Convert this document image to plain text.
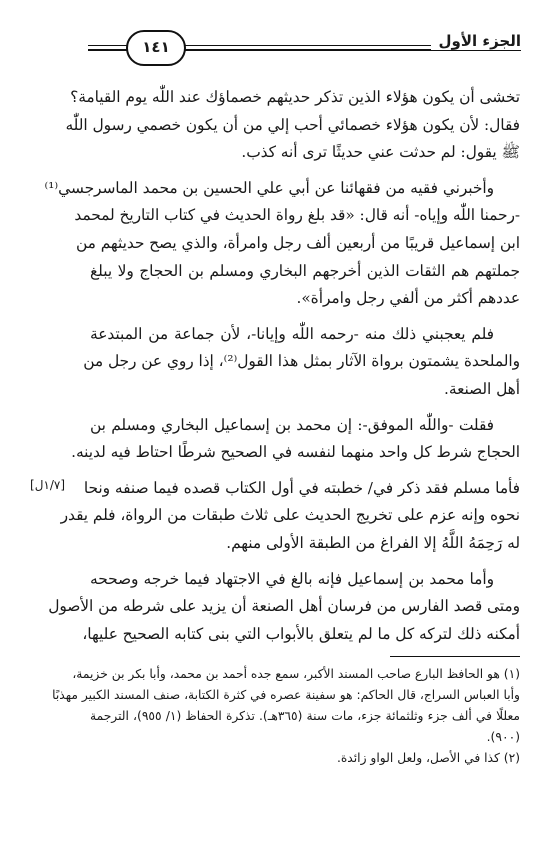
١٤١	الجزء الأول
[١/٧ل]
تخشى أن يكون هؤلاء الذين تذكر حديثهم خصماؤك عند اللّٰه يوم القيامة؟
فقال: لأن يكون هؤلاء خصمائي أحب إلي من أن يكون خصمي رسول اللّٰه
ﷺ يقول: لم حدثت عني حديثًا ترى أنه كذب.
وأخبرني فقيه من فقهائنا عن أبي علي الحسين بن محمد الماسرجسي⁽¹⁾
-رحمنا اللّٰه وإياه- أنه قال: «قد بلغ رواة الحديث في كتاب التاريخ لمحمد
ابن إسماعيل قريبًا من أربعين ألف رجل وامرأة، والذي يصح حديثهم من
جملتهم هم الثقات الذين أخرجهم البخاري ومسلم بن الحجاج ولا يبلغ
عددهم أكثر من ألفي رجل وامرأة».
فلم يعجبني ذلك منه -رحمه اللّٰه وإيانا-، لأن جماعة من المبتدعة
والملحدة يشمتون برواة الآثار بمثل هذا القول⁽²⁾، إذا روي عن رجل من
أهل الصنعة.
فقلت -واللّٰه الموفق-: إن محمد بن إسماعيل البخاري ومسلم بن
الحجاج شرط كل واحد منهما لنفسه في الصحيح شرطًا احتاط فيه لدينه.
فأما مسلم فقد ذكر في/ خطبته في أول الكتاب قصده فيما صنفه ونحا
نحوه وإنه عزم على تخريج الحديث على ثلاث طبقات من الرواة، فلم يقدر
له رَحِمَهُ اللَّهُ إلا الفراغ من الطبقة الأولى منهم.
وأما محمد بن إسماعيل فإنه بالغ في الاجتهاد فيما خرجه وصححه
ومتى قصد الفارس من فرسان أهل الصنعة أن يزيد على شرطه من الأصول
أمكنه ذلك لتركه كل ما لم يتعلق بالأبواب التي بنى كتابه الصحيح عليها،
(١) هو الحافظ البارع صاحب المسند الأكبر، سمع جده أحمد بن محمد، وأبا بكر بن خزيمة،
وأبا العباس السراج، قال الحاكم: هو سفينة عصره في كثرة الكتابة، صنف المسند الكبير مهذبًا
معللًا في ألف جزء وثلثمائة جزء، مات سنة (٣٦٥هـ). تذكرة الحفاظ (١/ ٩٥٥)، الترجمة
(٩٠٠).
(٢) كذا في الأصل، ولعل الواو زائدة.
